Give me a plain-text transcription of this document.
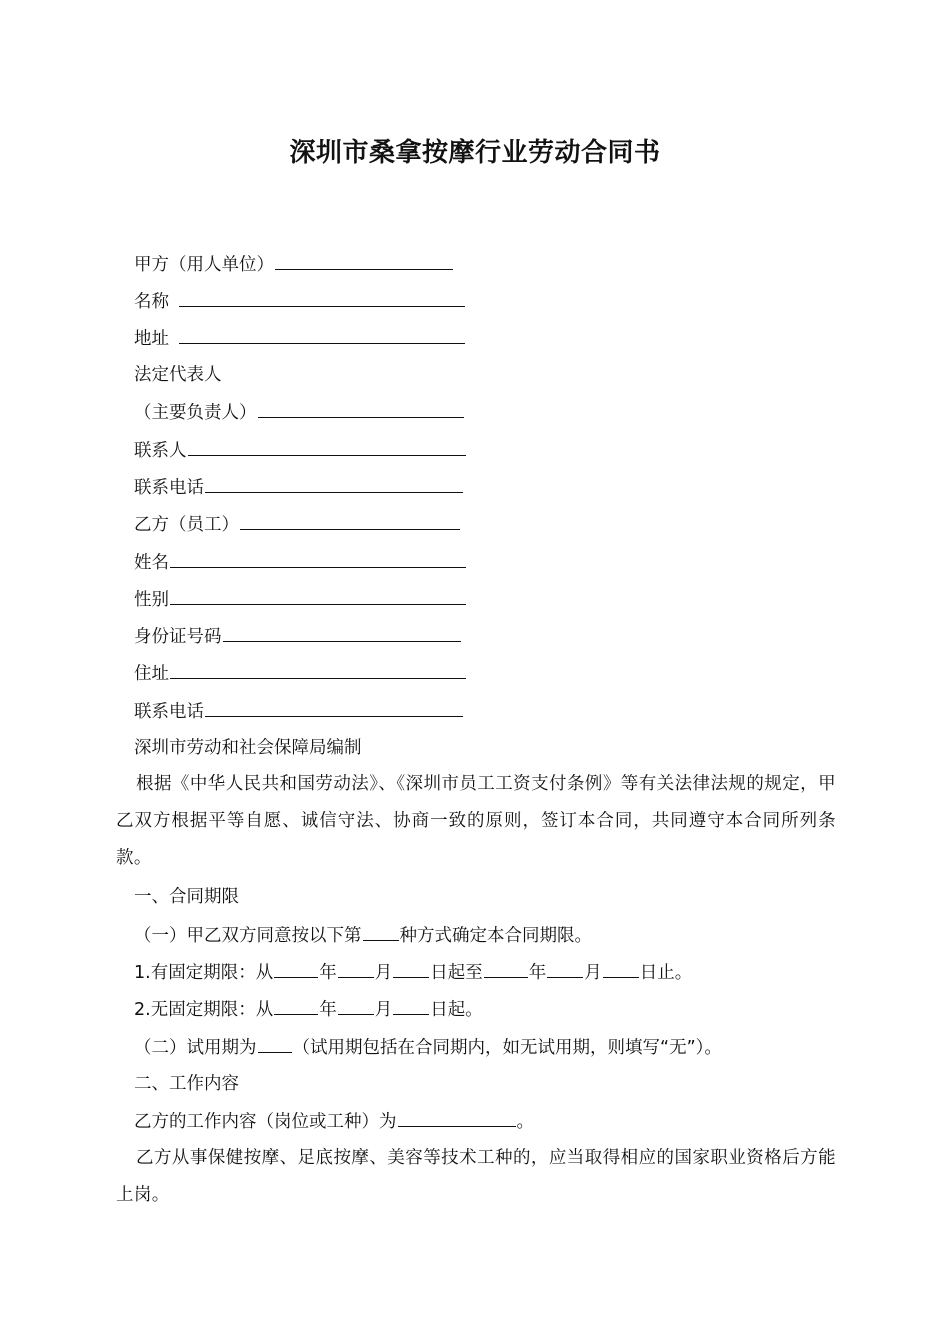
深圳市桑拿按摩行业劳动合同书
甲方（用人单位）
名称
地址
法定代表人
（主要负责人）
联系人
联系电话
乙方（员工）
姓名
性别
身份证号码
住址
联系电话
深圳市劳动和社会保障局编制
根据《中华人民共和国劳动法》、《深圳市员工工资支付条例》等有关法律法规的规定，甲乙双方根据平等自愿、诚信守法、协商一致的原则，签订本合同，共同遵守本合同所列条款。
一、合同期限
（一）甲乙双方同意按以下第 种方式确定本合同期限。
1.有固定期限：从	年 月 日起至	年 月 日止。
2.无固定期限：从	年 月 日起。
（二）试用期为 （试用期包括在合同期内，如无试用期，则填写“无”）。
二、工作内容
乙方的工作内容（岗位或工种）为	。
乙方从事保健按摩、足底按摩、美容等技术工种的，应当取得相应的国家职业资格后方能上岗。
